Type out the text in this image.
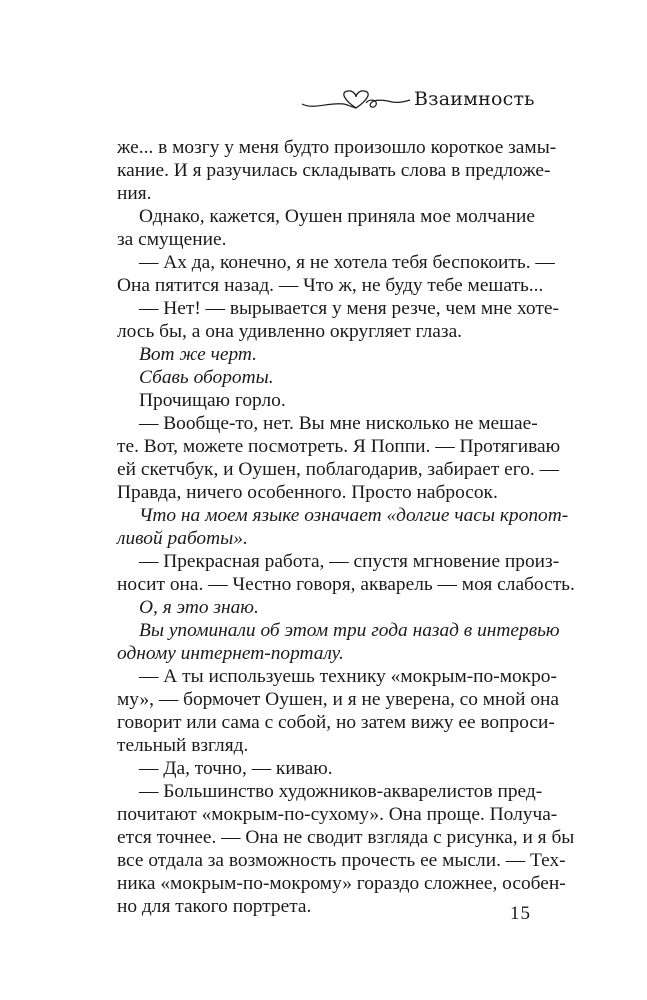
Взаимность
же... в мозгу у меня будто произошло короткое замы-
кание. И я разучилась складывать слова в предложе-
ния.
Однако, кажется, Оушен приняла мое молчание
за смущение.
— Ах да, конечно, я не хотела тебя беспокоить. —
Она пятится назад. — Что ж, не буду тебе мешать...
— Нет! — вырывается у меня резче, чем мне хоте-
лось бы, а она удивленно округляет глаза.
Вот же черт.
Сбавь обороты.
Прочищаю горло.
— Вообще-то, нет. Вы мне нисколько не мешае-
те. Вот, можете посмотреть. Я Поппи. — Протягиваю
ей скетчбук, и Оушен, поблагодарив, забирает его. —
Правда, ничего особенного. Просто набросок.
Что на моем языке означает «долгие часы кропот-
ливой работы».
— Прекрасная работа, — спустя мгновение произ-
носит она. — Честно говоря, акварель — моя слабость.
О, я это знаю.
Вы упоминали об этом три года назад в интервью
одному интернет-порталу.
— А ты используешь технику «мокрым-по-мокро-
му», — бормочет Оушен, и я не уверена, со мной она
говорит или сама с собой, но затем вижу ее вопроси-
тельный взгляд.
— Да, точно, — киваю.
— Большинство художников-акварелистов пред-
почитают «мокрым-по-сухому». Она проще. Получа-
ется точнее. — Она не сводит взгляда с рисунка, и я бы
все отдала за возможность прочесть ее мысли. — Тех-
ника «мокрым-по-мокрому» гораздо сложнее, особен-
но для такого портрета.	15
